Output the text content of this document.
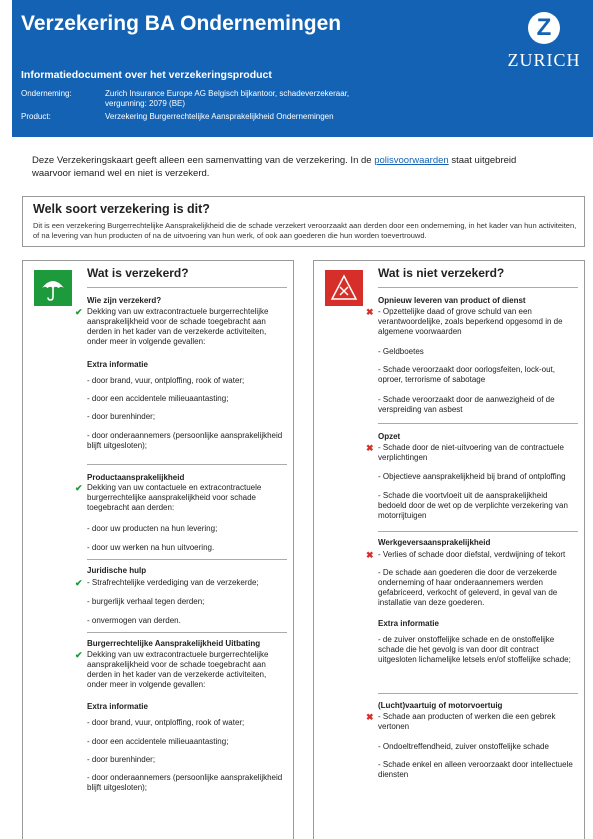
Verzekering BA Ondernemingen
Informatiedocument over het verzekeringsproduct
Onderneming:	Zurich Insurance Europe AG Belgisch bijkantoor, schadeverzekeraar, vergunning: 2079 (BE)
Product:	Verzekering Burgerrechtelijke Aansprakelijkheid Ondernemingen
Z
ZURICH
Deze Verzekeringskaart geeft alleen een samenvatting van de verzekering. In de polisvoorwaarden staat uitgebreid waarvoor iemand wel en niet is verzekerd.
Welk soort verzekering is dit?
Dit is een verzekering Burgerrechtelijke Aansprakelijkheid die de schade verzekert veroorzaakt aan derden door een onderneming, in het kader van hun activiteiten, of na levering van hun producten of na de uitvoering van hun werk, of ook aan goederen die hun worden toevertrouwd.
Wat is verzekerd?
Wie zijn verzekerd?
✔ Dekking van uw extracontractuele burgerrechtelijke aansprakelijkheid voor de schade toegebracht aan derden in het kader van de verzekerde activiteiten, onder meer in volgende gevallen:
Extra informatie
- door brand, vuur, ontploffing, rook of water;
- door een accidentele milieuaantasting;
- door burenhinder;
- door onderaannemers (persoonlijke aansprakelijkheid blijft uitgesloten);
Productaansprakelijkheid
✔ Dekking van uw contactuele en extracontractuele burgerrechtelijke aansprakelijkheid voor schade toegebracht aan derden:
- door uw producten na hun levering;
- door uw werken na hun uitvoering.
Juridische hulp
✔ - Strafrechtelijke verdediging van de verzekerde;
- burgerlijk verhaal tegen derden;
- onvermogen van derden.
Burgerrechtelijke Aansprakelijkheid Uitbating
✔ Dekking van uw extracontractuele burgerrechtelijke aansprakelijkheid voor de schade toegebracht aan derden in het kader van de verzekerde activiteiten, onder meer in volgende gevallen:
Extra informatie
- door brand, vuur, ontploffing, rook of water;
- door een accidentele milieuaantasting;
- door burenhinder;
- door onderaannemers (persoonlijke aansprakelijkheid blijft uitgesloten);
Wat is niet verzekerd?
Opnieuw leveren van product of dienst
✖ - Opzettelijke daad of grove schuld van een verantwoordelijke, zoals beperkend opgesomd in de algemene voorwaarden
- Geldboetes
- Schade veroorzaakt door oorlogsfeiten, lock-out, oproer, terrorisme of sabotage
- Schade veroorzaakt door de aanwezigheid of de verspreiding van asbest
Opzet
✖ - Schade door de niet-uitvoering van de contractuele verplichtingen
- Objectieve aansprakelijkheid bij brand of ontploffing
- Schade die voortvloeit uit de aansprakelijkheid bedoeld door de wet op de verplichte verzekering van motorrijtuigen
Werkgeversaansprakelijkheid
✖ - Verlies of schade door diefstal, verdwijning of tekort
- De schade aan goederen die door de verzekerde onderneming of haar onderaannemers werden gefabriceerd, verkocht of geleverd, in geval van de installatie van deze goederen.
Extra informatie
- de zuiver onstoffelijke schade en de onstoffelijke schade die het gevolg is van door dit contract uitgesloten lichamelijke letsels en/of stoffelijke schade;
(Lucht)vaartuig of motorvoertuig
✖ - Schade aan producten of werken die een gebrek vertonen
- Ondoeltreffendheid, zuiver onstoffelijke schade
- Schade enkel en alleen veroorzaakt door intellectuele diensten
